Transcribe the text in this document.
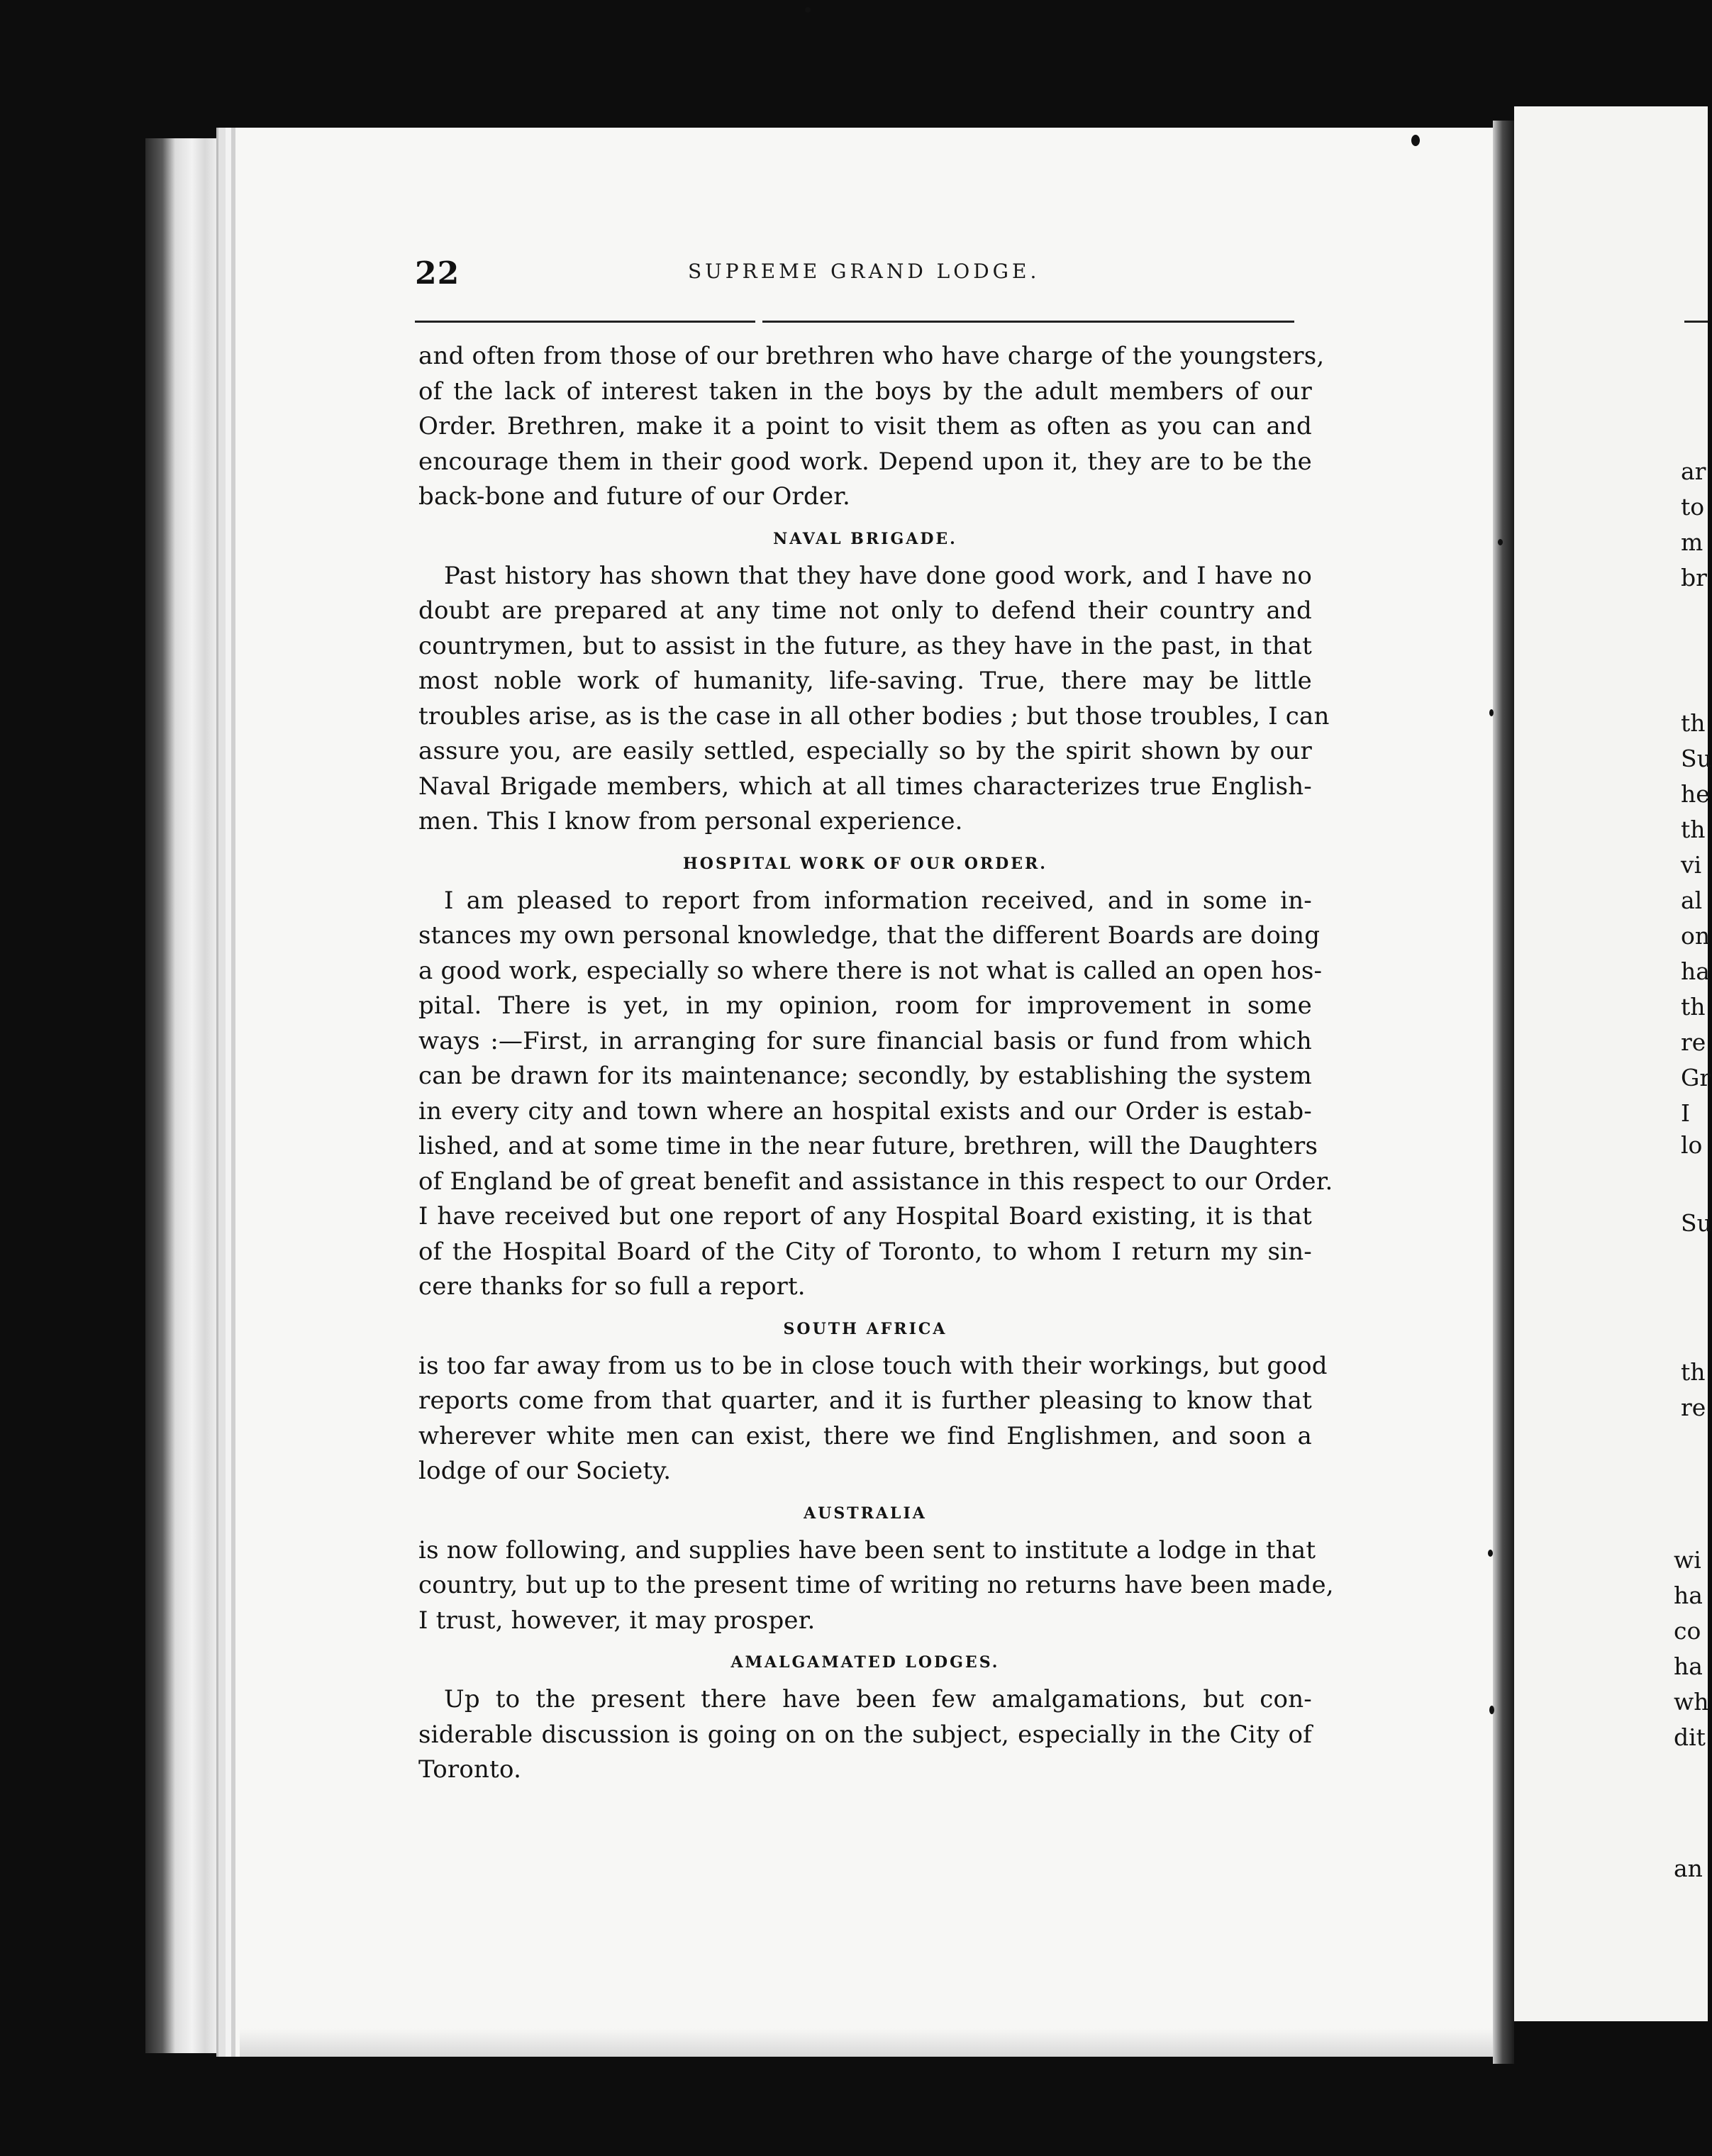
22	SUPREME GRAND LODGE.
and often from those of our brethren who have charge of the youngsters,
of the lack of interest taken in the boys by the adult members of our
Order. Brethren, make it a point to visit them as often as you can and
encourage them in their good work. Depend upon it, they are to be the
back-bone and future of our Order.
NAVAL BRIGADE.
Past history has shown that they have done good work, and I have no
doubt are prepared at any time not only to defend their country and
countrymen, but to assist in the future, as they have in the past, in that
most noble work of humanity, life-saving. True, there may be little
troubles arise, as is the case in all other bodies ; but those troubles, I can
assure you, are easily settled, especially so by the spirit shown by our
Naval Brigade members, which at all times characterizes true English-
men. This I know from personal experience.
HOSPITAL WORK OF OUR ORDER.
I am pleased to report from information received, and in some in-
stances my own personal knowledge, that the different Boards are doing
a good work, especially so where there is not what is called an open hos-
pital. There is yet, in my opinion, room for improvement in some
ways :—First, in arranging for sure financial basis or fund from which
can be drawn for its maintenance; secondly, by establishing the system
in every city and town where an hospital exists and our Order is estab-
lished, and at some time in the near future, brethren, will the Daughters
of England be of great benefit and assistance in this respect to our Order.
I have received but one report of any Hospital Board existing, it is that
of the Hospital Board of the City of Toronto, to whom I return my sin-
cere thanks for so full a report.
SOUTH AFRICA
is too far away from us to be in close touch with their workings, but good
reports come from that quarter, and it is further pleasing to know that
wherever white men can exist, there we find Englishmen, and soon a
lodge of our Society.
AUSTRALIA
is now following, and supplies have been sent to institute a lodge in that
country, but up to the present time of writing no returns have been made,
I trust, however, it may prosper.
AMALGAMATED LODGES.
Up to the present there have been few amalgamations, but con-
siderable discussion is going on on the subject, especially in the City of
Toronto.
ar
to
m
br
th
Su
he
th
vi
al
on
ha
th
re
Gr
I
lo
Su
th
re
wi
ha
co
ha
wh
dit
an
